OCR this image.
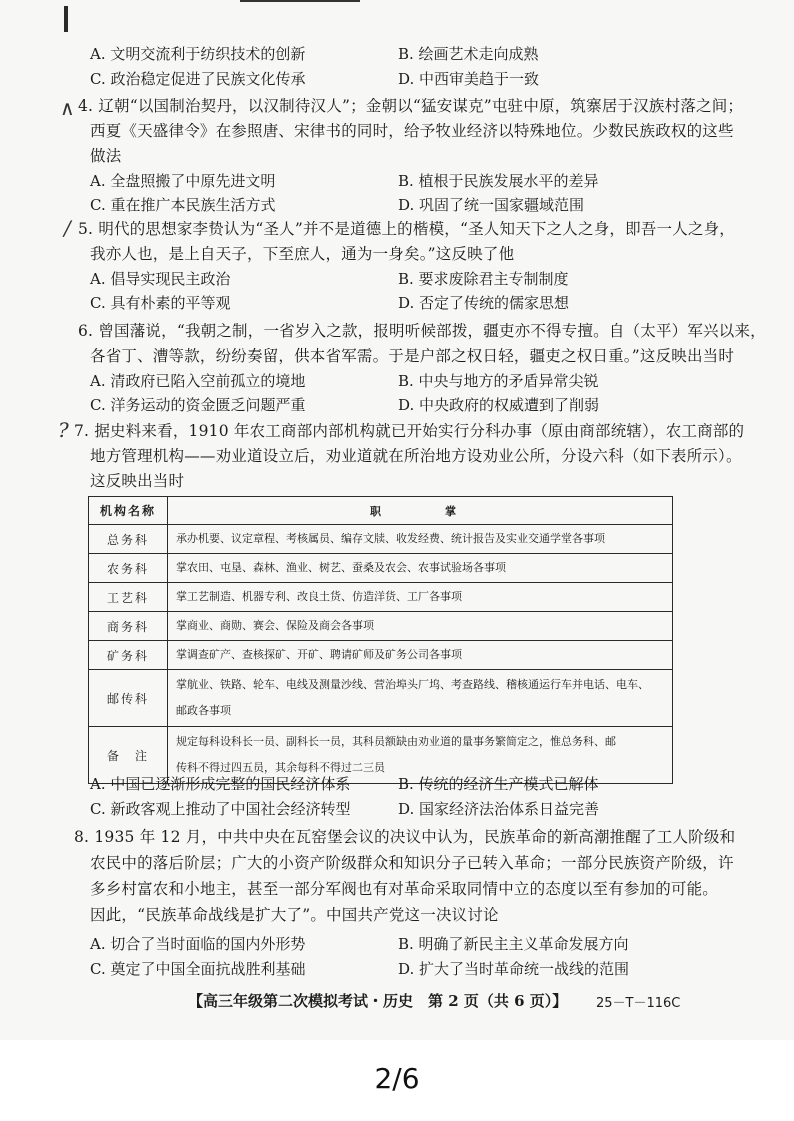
A. 文明交流利于纺织技术的创新	B. 绘画艺术走向成熟
C. 政治稳定促进了民族文化传承	D. 中西审美趋于一致
∧ 4. 辽朝“以国制治契丹，以汉制待汉人”；金朝以“猛安谋克”屯驻中原，筑寨居于汉族村落之间；
西夏《天盛律令》在参照唐、宋律书的同时，给予牧业经济以特殊地位。少数民族政权的这些
做法
A. 全盘照搬了中原先进文明	B. 植根于民族发展水平的差异
C. 重在推广本民族生活方式	D. 巩固了统一国家疆域范围
∕ 5. 明代的思想家李贽认为“圣人”并不是道德上的楷模，“圣人知天下之人之身，即吾一人之身，
我亦人也，是上自天子，下至庶人，通为一身矣。”这反映了他
A. 倡导实现民主政治	B. 要求废除君主专制制度
C. 具有朴素的平等观	D. 否定了传统的儒家思想
6. 曾国藩说，“我朝之制，一省岁入之款，报明听候部拨，疆吏亦不得专擅。自（太平）军兴以来，
各省丁、漕等款，纷纷奏留，供本省军需。于是户部之权日轻，疆吏之权日重。”这反映出当时
A. 清政府已陷入空前孤立的境地	B. 中央与地方的矛盾异常尖锐
C. 洋务运动的资金匮乏问题严重	D. 中央政府的权威遭到了削弱
? 7. 据史料来看，1910 年农工商部内部机构就已开始实行分科办事（原由商部统辖），农工商部的
地方管理机构——劝业道设立后，劝业道就在所治地方设劝业公所，分设六科（如下表所示）。
这反映出当时
机构名称	职　　掌
总务科	承办机要、议定章程、考核属员、编存文牍、收发经费、统计报告及实业交通学堂各事项
农务科	掌农田、屯垦、森林、渔业、树艺、蚕桑及农会、农事试验场各事项
工艺科	掌工艺制造、机器专利、改良土货、仿造洋货、工厂各事项
商务科	掌商业、商勋、赛会、保险及商会各事项
矿务科	掌调查矿产、查核探矿、开矿、聘请矿师及矿务公司各事项
邮传科	掌航业、铁路、轮车、电线及测量沙线、营治埠头厂坞、考查路线、稽核通运行车并电话、电车、
邮政各事项

备　注	规定每科设科长一员、副科长一员，其科员额缺由劝业道的量事务繁简定之，惟总务科、邮
传科不得过四五员，其余每科不得过二三员
A. 中国已逐渐形成完整的国民经济体系	B. 传统的经济生产模式已解体
C. 新政客观上推动了中国社会经济转型	D. 国家经济法治体系日益完善
8. 1935 年 12 月，中共中央在瓦窑堡会议的决议中认为，民族革命的新高潮推醒了工人阶级和
农民中的落后阶层；广大的小资产阶级群众和知识分子已转入革命；一部分民族资产阶级，许
多乡村富农和小地主，甚至一部分军阀也有对革命采取同情中立的态度以至有参加的可能。
因此，“民族革命战线是扩大了”。中国共产党这一决议讨论
A. 切合了当时面临的国内外形势	B. 明确了新民主主义革命发展方向
C. 奠定了中国全面抗战胜利基础	D. 扩大了当时革命统一战线的范围
【高三年级第二次模拟考试・历史　第 2 页（共 6 页）】 25－T－116C
2/6
